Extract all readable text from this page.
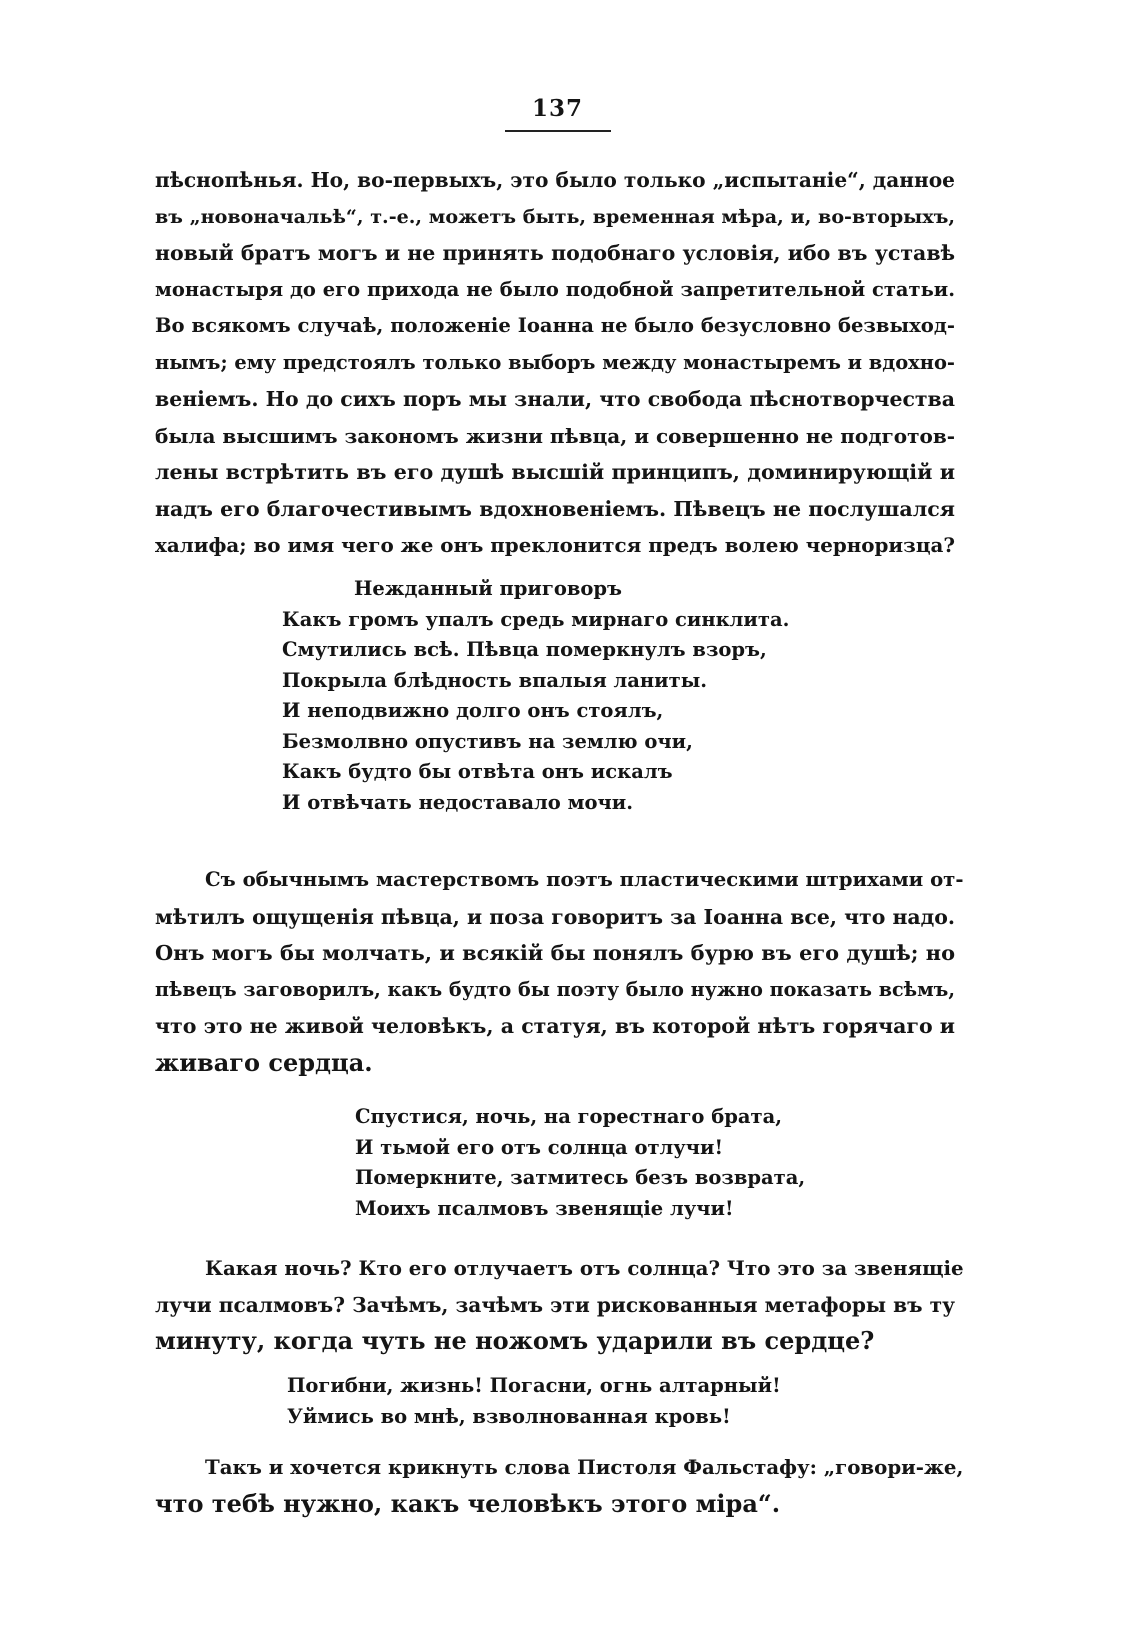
137

пѣснопѣнья. Но, во-первыхъ, это было только „испытаніе“, данное
въ „новоначальѣ“, т.-е., можетъ быть, временная мѣра, и, во-вторыхъ,
новый братъ могъ и не принять подобнаго условія, ибо въ уставѣ
монастыря до его прихода не было подобной запретительной статьи.
Во всякомъ случаѣ, положеніе Іоанна не было безусловно безвыход-
нымъ; ему предстоялъ только выборъ между монастыремъ и вдохно-
веніемъ. Но до сихъ поръ мы знали, что свобода пѣснотворчества
была высшимъ закономъ жизни пѣвца, и совершенно не подготов-
лены встрѣтить въ его душѣ высшій принципъ, доминирующій и
надъ его благочестивымъ вдохновеніемъ. Пѣвецъ не послушался
халифа; во имя чего же онъ преклонится предъ волею черноризца?

Нежданный приговоръ
Какъ громъ упалъ средь мирнаго синклита.
Смутились всѣ. Пѣвца померкнулъ взоръ,
Покрыла блѣдность впалыя ланиты.
И неподвижно долго онъ стоялъ,
Безмолвно опустивъ на землю очи,
Какъ будто бы отвѣта онъ искалъ
И отвѣчать недоставало мочи.

Съ обычнымъ мастерствомъ поэтъ пластическими штрихами от-
мѣтилъ ощущенія пѣвца, и поза говоритъ за Іоанна все, что надо.
Онъ могъ бы молчать, и всякій бы понялъ бурю въ его душѣ; но
пѣвецъ заговорилъ, какъ будто бы поэту было нужно показать всѣмъ,
что это не живой человѣкъ, а статуя, въ которой нѣтъ горячаго и
живаго сердца.

Спустися, ночь, на горестнаго брата,
И тьмой его отъ солнца отлучи!
Померкните, затмитесь безъ возврата,
Моихъ псалмовъ звенящіе лучи!

Какая ночь? Кто его отлучаетъ отъ солнца? Что это за звенящіе
лучи псалмовъ? Зачѣмъ, зачѣмъ эти рискованныя метафоры въ ту
минуту, когда чуть не ножомъ ударили въ сердце?

Погибни, жизнь! Погасни, огнь алтарный!
Уймись во мнѣ, взволнованная кровь!

Такъ и хочется крикнуть слова Пистоля Фальстафу: „говори-же,
что тебѣ нужно, какъ человѣкъ этого міра“.
